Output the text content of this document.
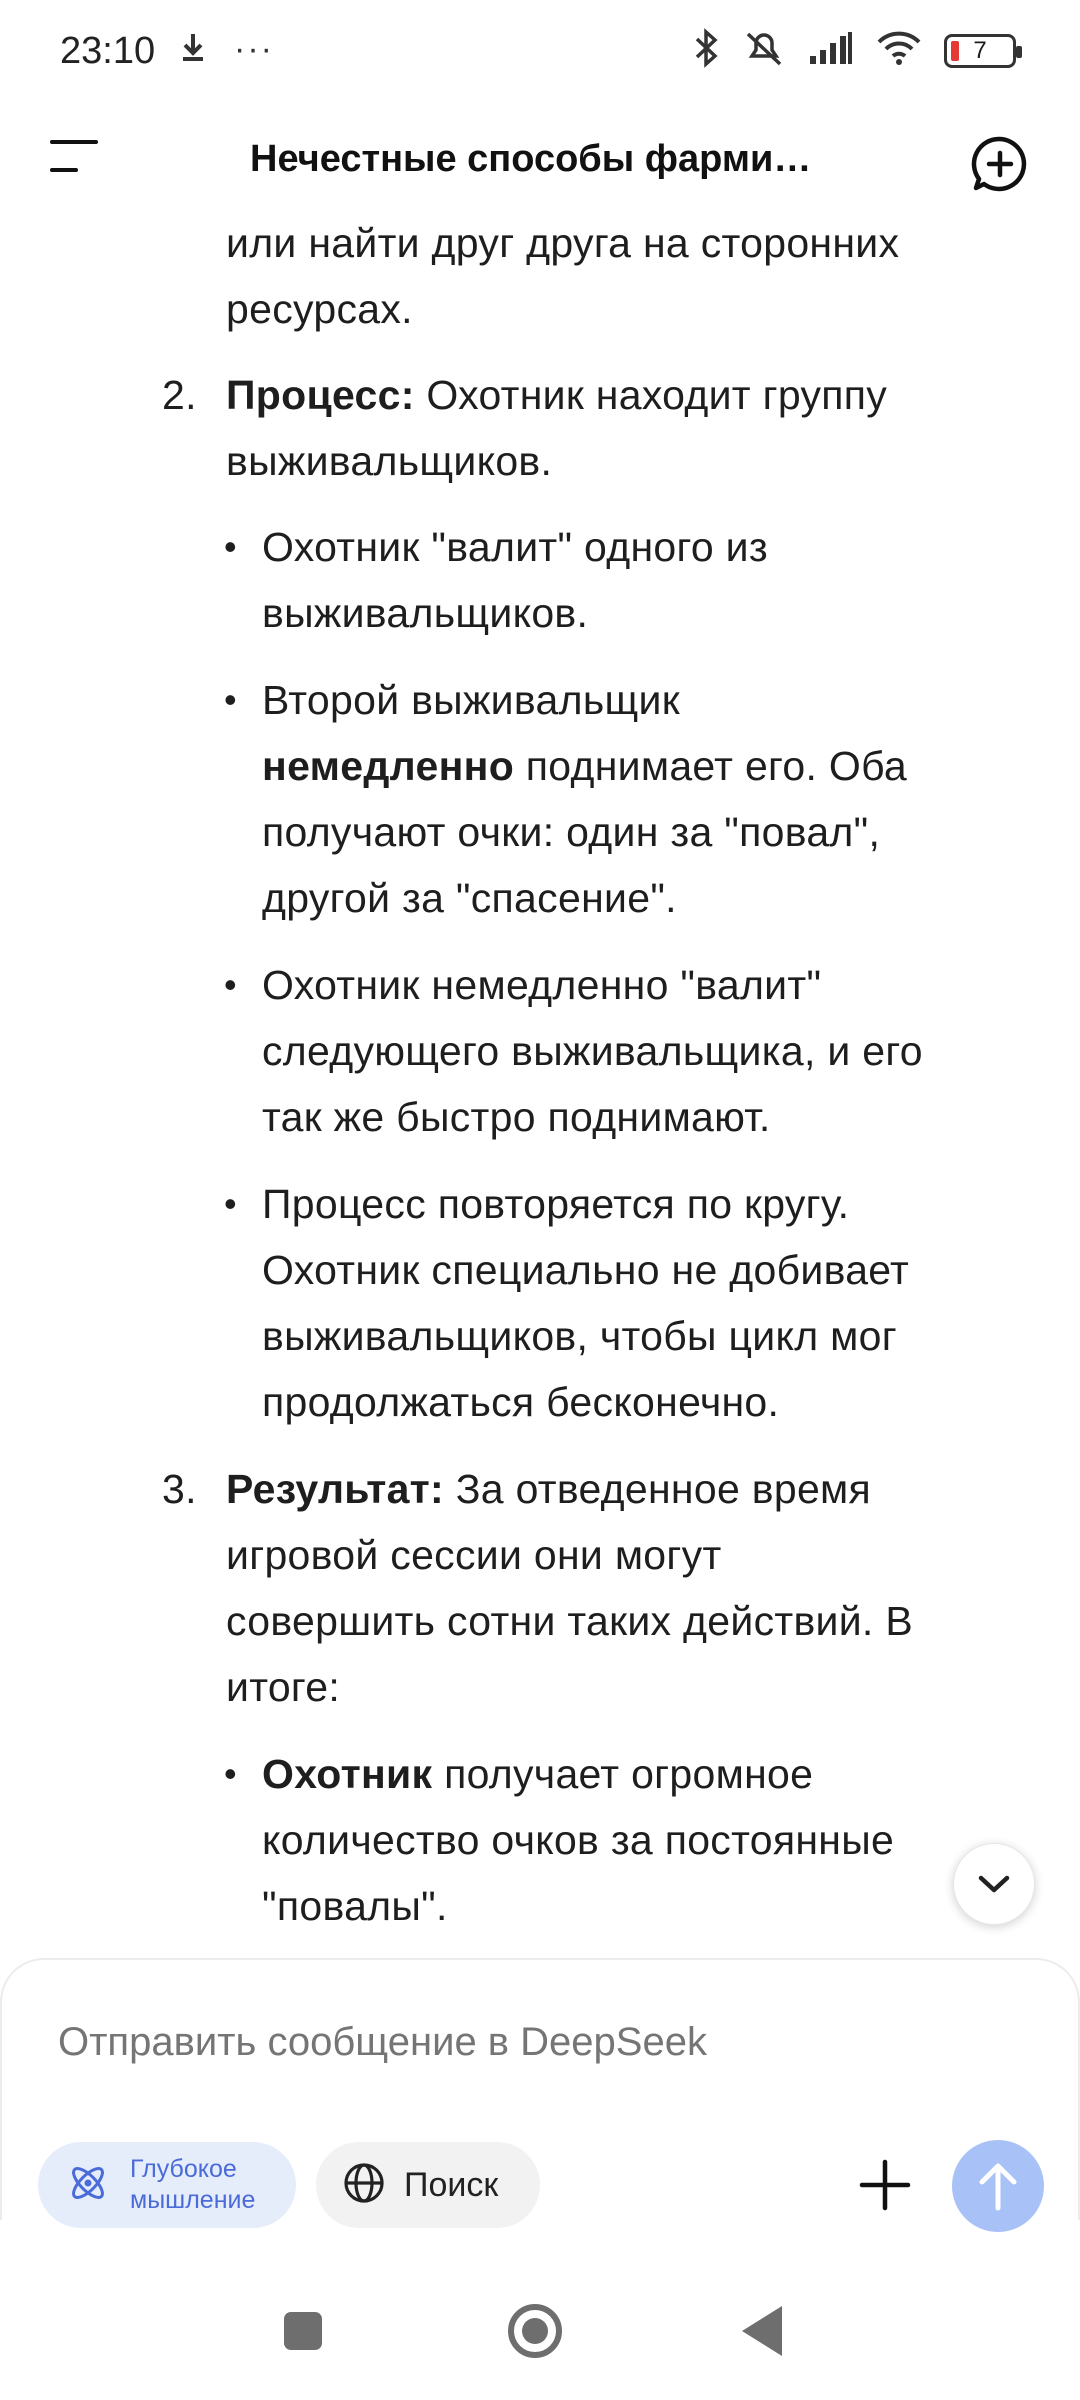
23:10 ···	7
Нечестные способы фарми…
или найти друг друга на сторонних
ресурсах.
2. Процесс: Охотник находит группу
выживальщиков.
• Охотник "валит" одного из
выживальщиков.
• Второй выживальщик
немедленно поднимает его. Оба
получают очки: один за "повал",
другой за "спасение".
• Охотник немедленно "валит"
следующего выживальщика, и его
так же быстро поднимают.
• Процесс повторяется по кругу.
Охотник специально не добивает
выживальщиков, чтобы цикл мог
продолжаться бесконечно.
3. Результат: За отведенное время
игровой сессии они могут
совершить сотни таких действий. В
итоге:
• Охотник получает огромное
количество очков за постоянные
"повалы".
Отправить сообщение в DeepSeek
Глубокое мышление	Поиск
